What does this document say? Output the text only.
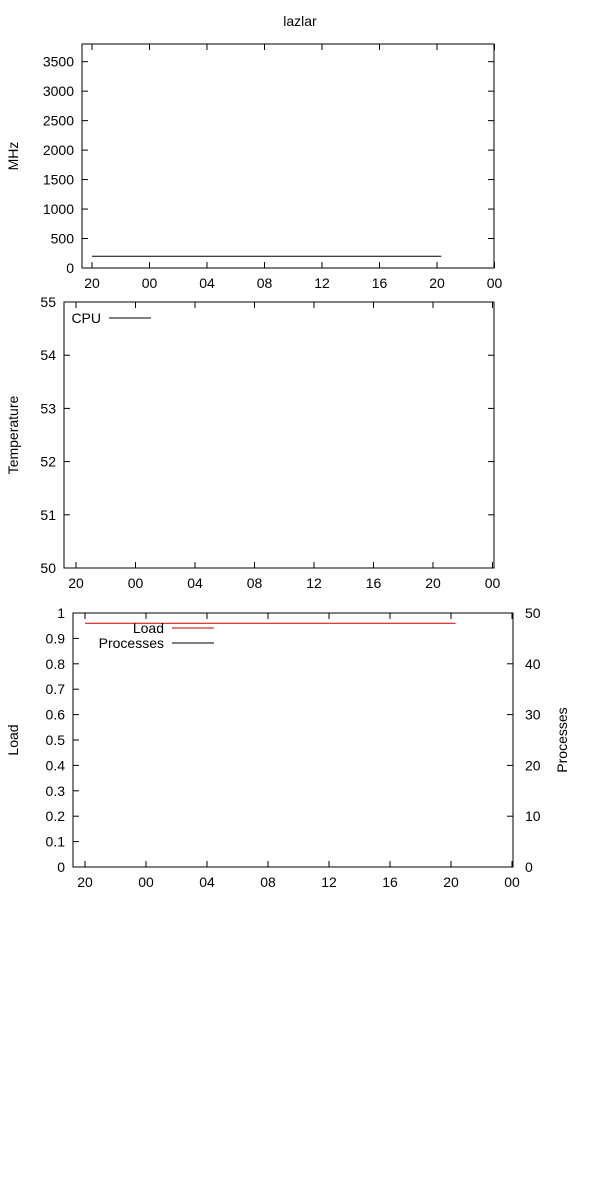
lazlar
20	00	04	08	12	16	20	00
0
500
1000
1500
2000
2500
3000
3500
MHz
20	00	04	08	12	16	20	00
50
51
52
53
54
55
Temperature
CPU
20	00	04	08	12	16	20	00
0
0.1
0.2
0.3
0.4
0.5
0.6
0.7
0.8
0.9
1
0
10
20
30
40
50
Processes
Load
Load
Processes
